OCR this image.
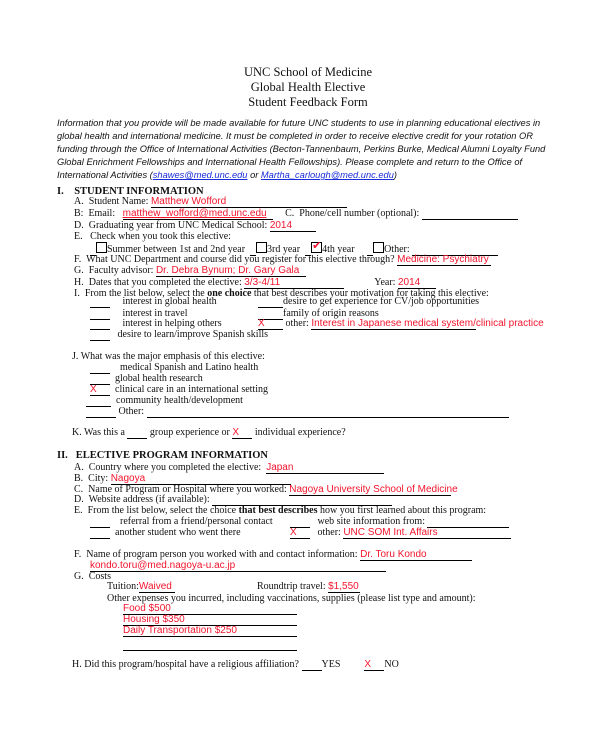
UNC School of Medicine
Global Health Elective
Student Feedback Form
Information that you provide will be made available for future UNC students to use in planning educational electives in global health and international medicine. It must be completed in order to receive elective credit for your rotation OR funding through the Office of International Activities (Becton-Tannenbaum, Perkins Burke, Medical Alumni Loyalty Fund Global Enrichment Fellowships and International Health Fellowships). Please complete and return to the Office of International Activities (shawes@med.unc.edu or Martha_carlough@med.unc.edu)
I. STUDENT INFORMATION
A. Student Name: Matthew Wofford
B: Email: matthew_wofford@med.unc.edu C. Phone/cell number (optional):
D. Graduating year from UNC Medical School: 2014
E. Check when you took this elective:
Summer between 1st and 2nd year 3rd year ✔ 4th year	Other:
F. What UNC Department and course did you register for this elective through? Medicine: Psychiatry
G. Faculty advisor: Dr. Debra Bynum; Dr. Gary Gala
H. Dates that you completed the elective: 3/3-4/11	Year: 2014
I. From the list below, select the one choice that best describes your motivation for taking this elective:
interest in global health	desire to get experience for CV/job opportunities
interest in travel	family of origin reasons
interest in helping others	X other: Interest in Japanese medical system/clinical practice
desire to learn/improve Spanish skills
J. What was the major emphasis of this elective:
medical Spanish and Latino health
global health research
X clinical care in an international setting
community health/development
Other:
K. Was this a  group experience or X individual experience?
II. ELECTIVE PROGRAM INFORMATION
A. Country where you completed the elective: Japan
B. City: Nagoya
C. Name of Program or Hospital where you worked: Nagoya University School of Medicine
D. Website address (if available):
E. From the list below, select the choice that best describes how you first learned about this program:
referral from a friend/personal contact	web site information from:
another student who went there	X other: UNC SOM Int. Affairs
F. Name of program person you worked with and contact information: Dr. Toru Kondo
kondo.toru@med.nagoya-u.ac.jp
G. Costs
Tuition:Waived	Roundtrip travel: $1,550
Other expenses you incurred, including vaccinations, supplies (please list type and amount):
Food $500
Housing $350
Daily Transportation $250
H. Did this program/hospital have a religious affiliation? YES X NO
